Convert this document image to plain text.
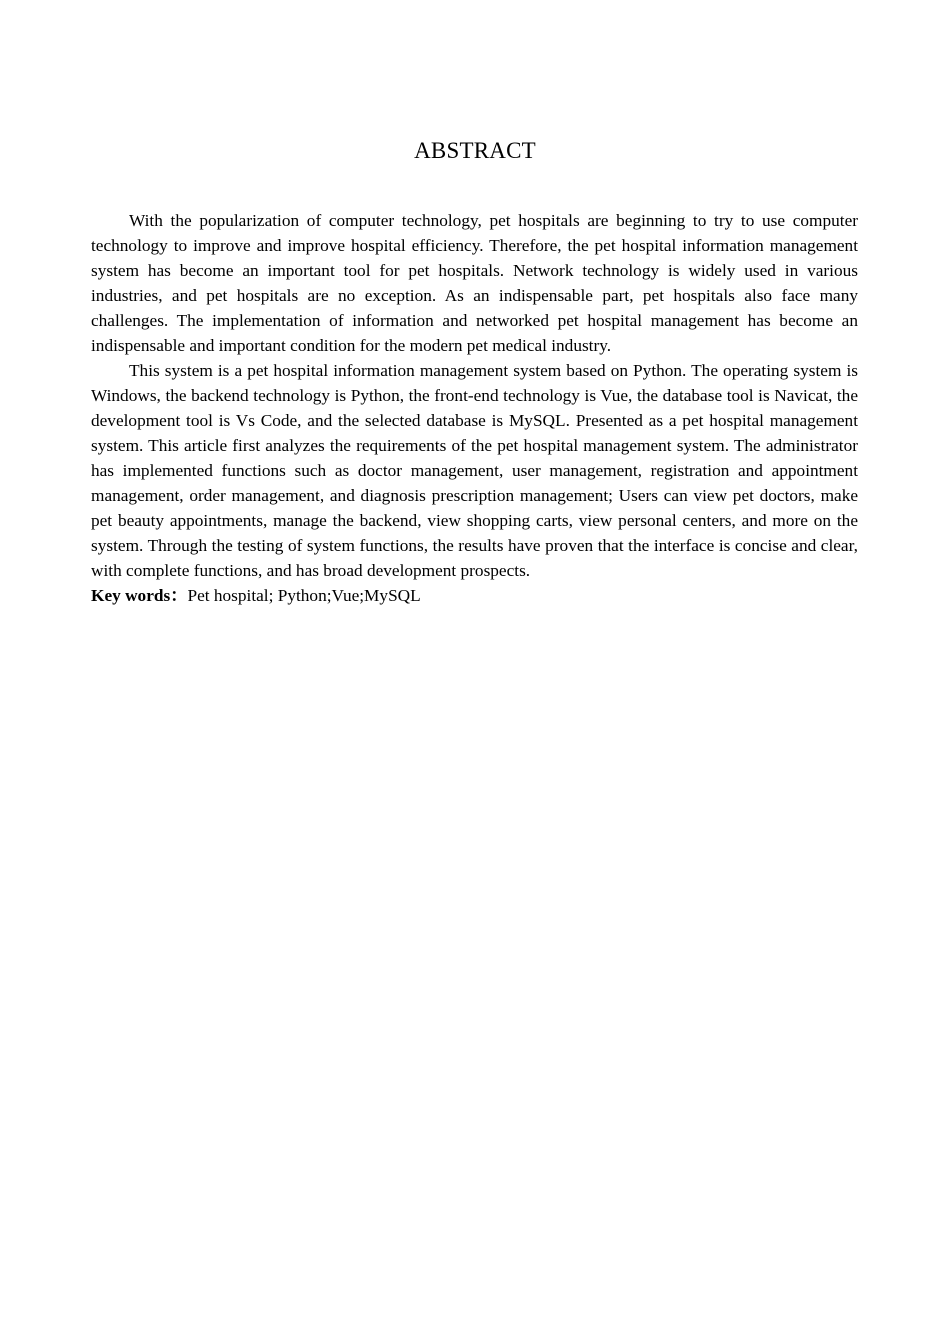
ABSTRACT

With the popularization of computer technology, pet hospitals are beginning to try to use computer technology to improve and improve hospital efficiency. Therefore, the pet hospital information management system has become an important tool for pet hospitals. Network technology is widely used in various industries, and pet hospitals are no exception. As an indispensable part, pet hospitals also face many challenges. The implementation of information and networked pet hospital management has become an indispensable and important condition for the modern pet medical industry.

This system is a pet hospital information management system based on Python. The operating system is Windows, the backend technology is Python, the front-end technology is Vue, the database tool is Navicat, the development tool is Vs Code, and the selected database is MySQL. Presented as a pet hospital management system. This article first analyzes the requirements of the pet hospital management system. The administrator has implemented functions such as doctor management, user management, registration and appointment management, order management, and diagnosis prescription management; Users can view pet doctors, make pet beauty appointments, manage the backend, view shopping carts, view personal centers, and more on the system. Through the testing of system functions, the results have proven that the interface is concise and clear, with complete functions, and has broad development prospects.

Key words：Pet hospital; Python;Vue;MySQL
